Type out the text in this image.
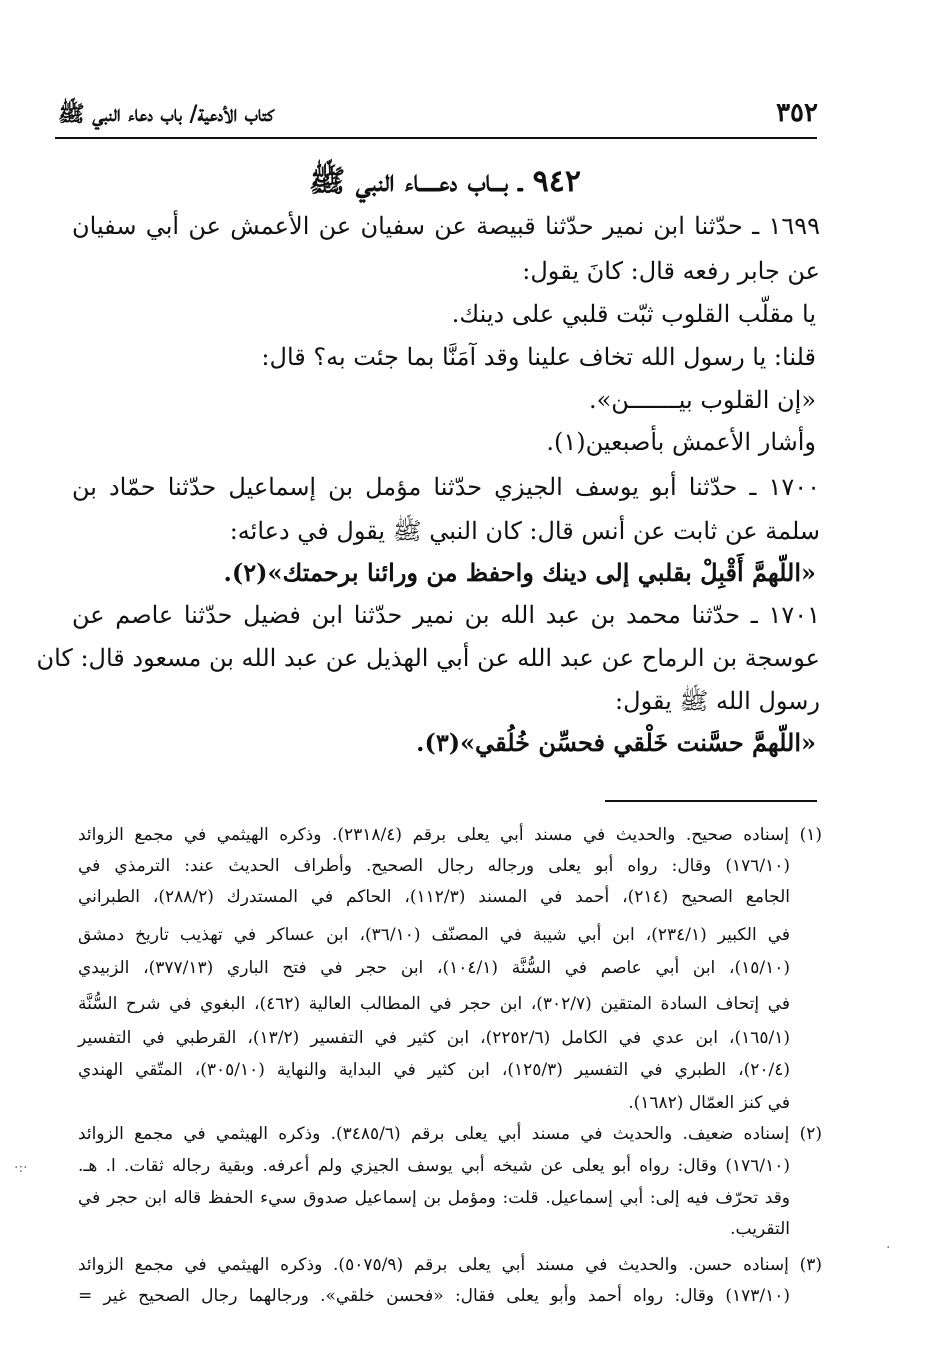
٣٥٢
كتاب الأدعية/ باب دعاء النبي ﷺ
٩٤٢ ـ بـــاب دعـــــاء النبي ﷺ
١٦٩٩ ـ حدّثنا ابن نمير حدّثنا قبيصة عن سفيان عن الأعمش عن أبي سفيان
عن جابر رفعه قال: كانَ يقول:
يا مقلّب القلوب ثبّت قلبي على دينك.
قلنا: يا رسول الله تخاف علينا وقد آمَنَّا بما جئت به؟ قال:
«إن القلوب بيـــــــن».
وأشار الأعمش بأصبعين(١).
١٧٠٠ ـ حدّثنا أبو يوسف الجيزي حدّثنا مؤمل بن إسماعيل حدّثنا حمّاد بن
سلمة عن ثابت عن أنس قال: كان النبي ﷺ يقول في دعائه:
«اللّهمَّ أَقْبِلْ بقلبي إلى دينك واحفظ من ورائنا برحمتك»(٢).
١٧٠١ ـ حدّثنا محمد بن عبد الله بن نمير حدّثنا ابن فضيل حدّثنا عاصم عن
عوسجة بن الرماح عن عبد الله عن أبي الهذيل عن عبد الله بن مسعود قال: كان
رسول الله ﷺ يقول:
«اللّهمَّ حسَّنت خَلْقي فحسِّن خُلُقي»(٣).
(١) إسناده صحيح. والحديث في مسند أبي يعلى برقم (٢٣١٨/٤). وذكره الهيثمي في مجمع الزوائد
(١٧٦/١٠) وقال: رواه أبو يعلى ورجاله رجال الصحيح. وأطراف الحديث عند: الترمذي في
الجامع الصحيح (٢١٤)، أحمد في المسند (١١٢/٣)، الحاكم في المستدرك (٢٨٨/٢)، الطبراني
في الكبير (٢٣٤/١)، ابن أبي شيبة في المصنّف (٣٦/١٠)، ابن عساكر في تهذيب تاريخ دمشق
(١٥/١٠)، ابن أبي عاصم في السُّنَّة (١٠٤/١)، ابن حجر في فتح الباري (٣٧٧/١٣)، الزبيدي
في إتحاف السادة المتقين (٣٠٢/٧)، ابن حجر في المطالب العالية (٤٦٢)، البغوي في شرح السُّنَّة
(١٦٥/١)، ابن عدي في الكامل (٢٢٥٢/٦)، ابن كثير في التفسير (١٣/٢)، القرطبي في التفسير
(٢٠/٤)، الطبري في التفسير (١٢٥/٣)، ابن كثير في البداية والنهاية (٣٠٥/١٠)، المتّقي الهندي
في كنز العمّال (١٦٨٢).
(٢) إسناده ضعيف. والحديث في مسند أبي يعلى برقم (٣٤٨٥/٦). وذكره الهيثمي في مجمع الزوائد
(١٧٦/١٠) وقال: رواه أبو يعلى عن شيخه أبي يوسف الجيزي ولم أعرفه. وبقية رجاله ثقات. ا. هـ.
وقد تحرّف فيه إلى: أبي إسماعيل. قلت: ومؤمل بن إسماعيل صدوق سيء الحفظ قاله ابن حجر في
التقريب.
(٣) إسناده حسن. والحديث في مسند أبي يعلى برقم (٥٠٧٥/٩). وذكره الهيثمي في مجمع الزوائد
(١٧٣/١٠) وقال: رواه أحمد وأبو يعلى فقال: «فحسن خلقي». ورجالهما رجال الصحيح غير =
·:·
·
